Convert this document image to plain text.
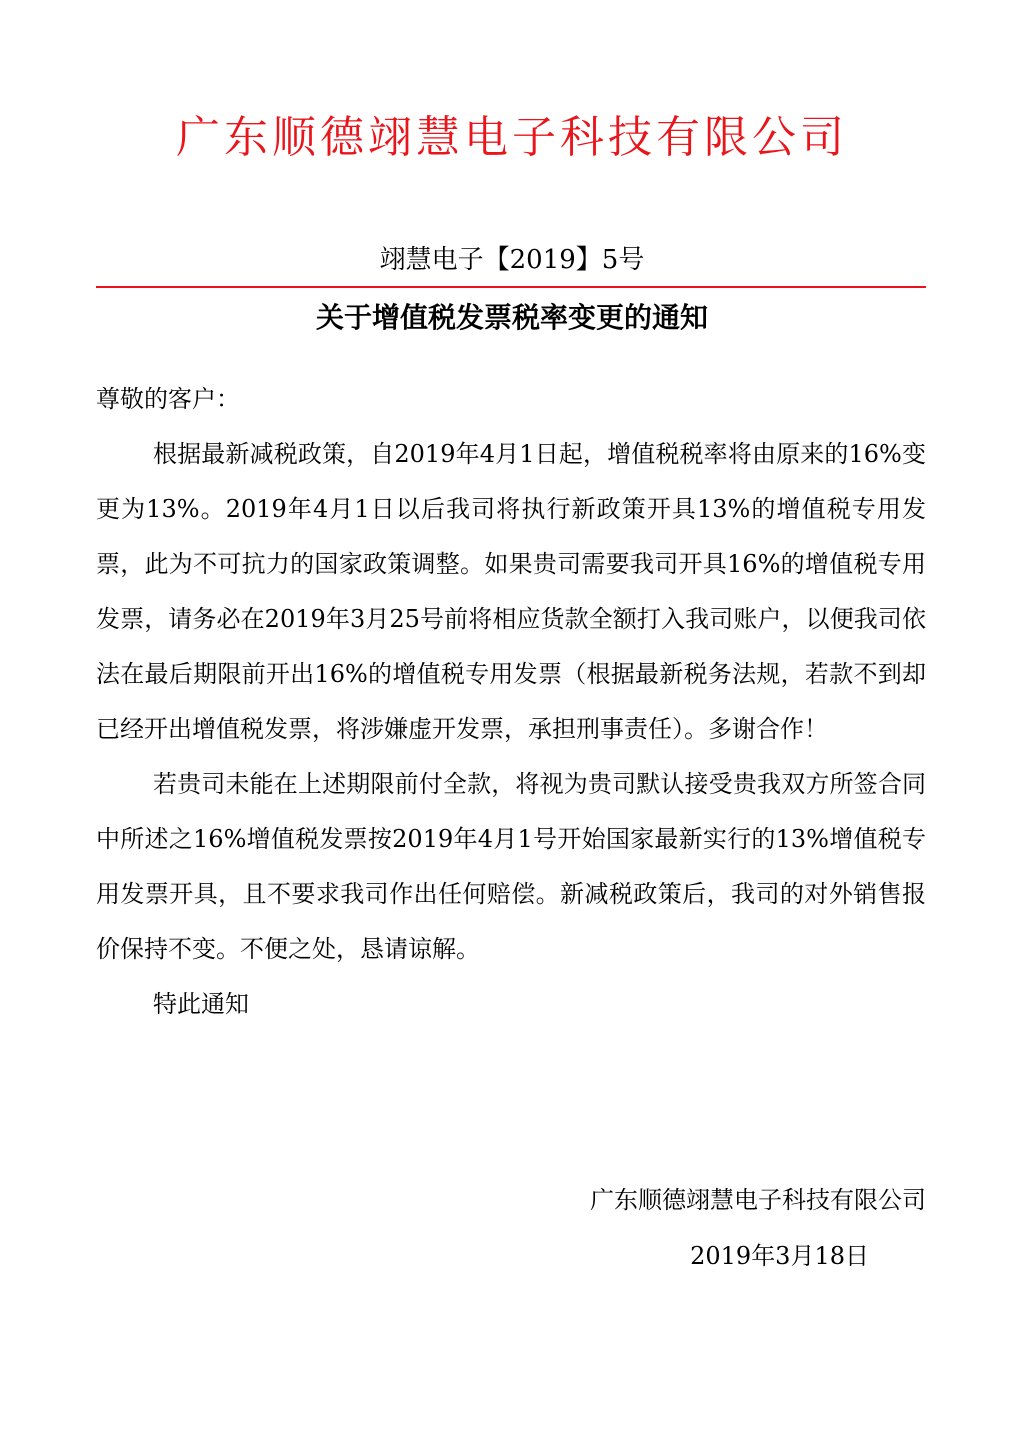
广东顺德翊慧电子科技有限公司
翊慧电子【2019】5号
关于增值税发票税率变更的通知

尊敬的客户：

根据最新减税政策，自2019年4月1日起，增值税税率将由原来的16%变更为13%。2019年4月1日以后我司将执行新政策开具13%的增值税专用发票，此为不可抗力的国家政策调整。如果贵司需要我司开具16%的增值税专用发票，请务必在2019年3月25号前将相应货款全额打入我司账户，以便我司依法在最后期限前开出16%的增值税专用发票（根据最新税务法规，若款不到却已经开出增值税发票，将涉嫌虚开发票，承担刑事责任）。多谢合作！

若贵司未能在上述期限前付全款，将视为贵司默认接受贵我双方所签合同中所述之16%增值税发票按2019年4月1号开始国家最新实行的13%增值税专用发票开具，且不要求我司作出任何赔偿。新减税政策后，我司的对外销售报价保持不变。不便之处，恳请谅解。

特此通知

广东顺德翊慧电子科技有限公司
2019年3月18日
